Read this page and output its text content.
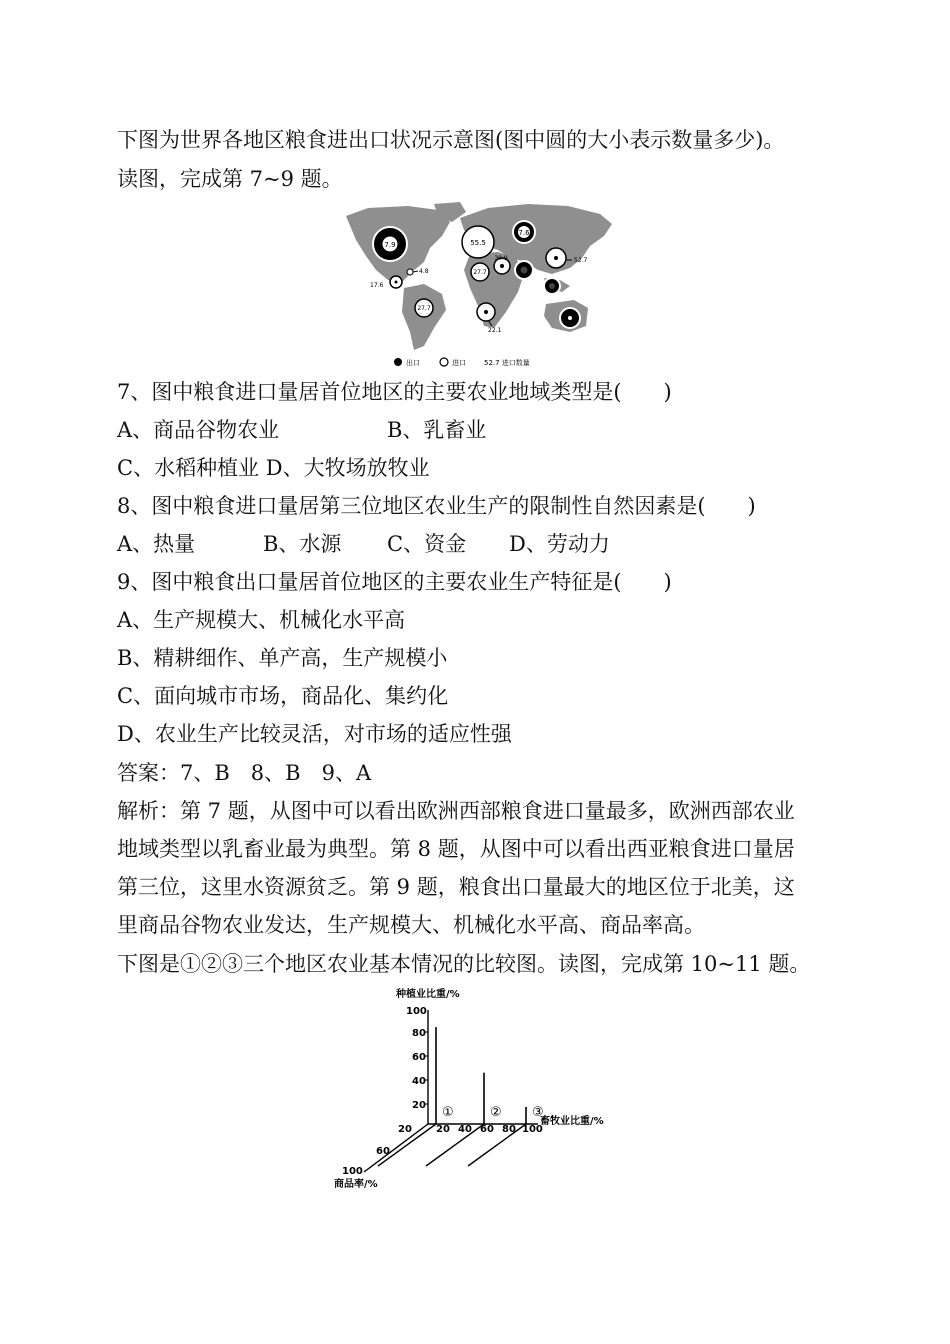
下图为世界各地区粮食进出口状况示意图(图中圆的大小表示数量多少)。
读图，完成第 7~9 题。
7.9
7.6
55.5
27.7
27.7
30.9	52.7
22.1
17.6
4.8
出口	进口	52.7 进口数量
7、图中粮食进口量居首位地区的主要农业地域类型是(　　)
A、商品谷物农业	B、乳畜业
C、水稻种植业 D、大牧场放牧业
8、图中粮食进口量居第三位地区农业生产的限制性自然因素是(　　)
A、热量	B、水源 C、资金 D、劳动力
9、图中粮食出口量居首位地区的主要农业生产特征是(　　)
A、生产规模大、机械化水平高
B、精耕细作、单产高，生产规模小
C、面向城市市场，商品化、集约化
D、农业生产比较灵活，对市场的适应性强
答案：7、B　8、B　9、A
解析：第 7 题，从图中可以看出欧洲西部粮食进口量最多，欧洲西部农业
地域类型以乳畜业最为典型。第 8 题，从图中可以看出西亚粮食进口量居
第三位，这里水资源贫乏。第 9 题，粮食出口量最大的地区位于北美，这
里商品谷物农业发达，生产规模大、机械化水平高、商品率高。
下图是①②③三个地区农业基本情况的比较图。读图，完成第 10~11 题。
种植业比重/%
畜牧业比重/%
商品率/%
100
80
60
40
20
20 20 40 60 80 100
60
100
①	② ③
